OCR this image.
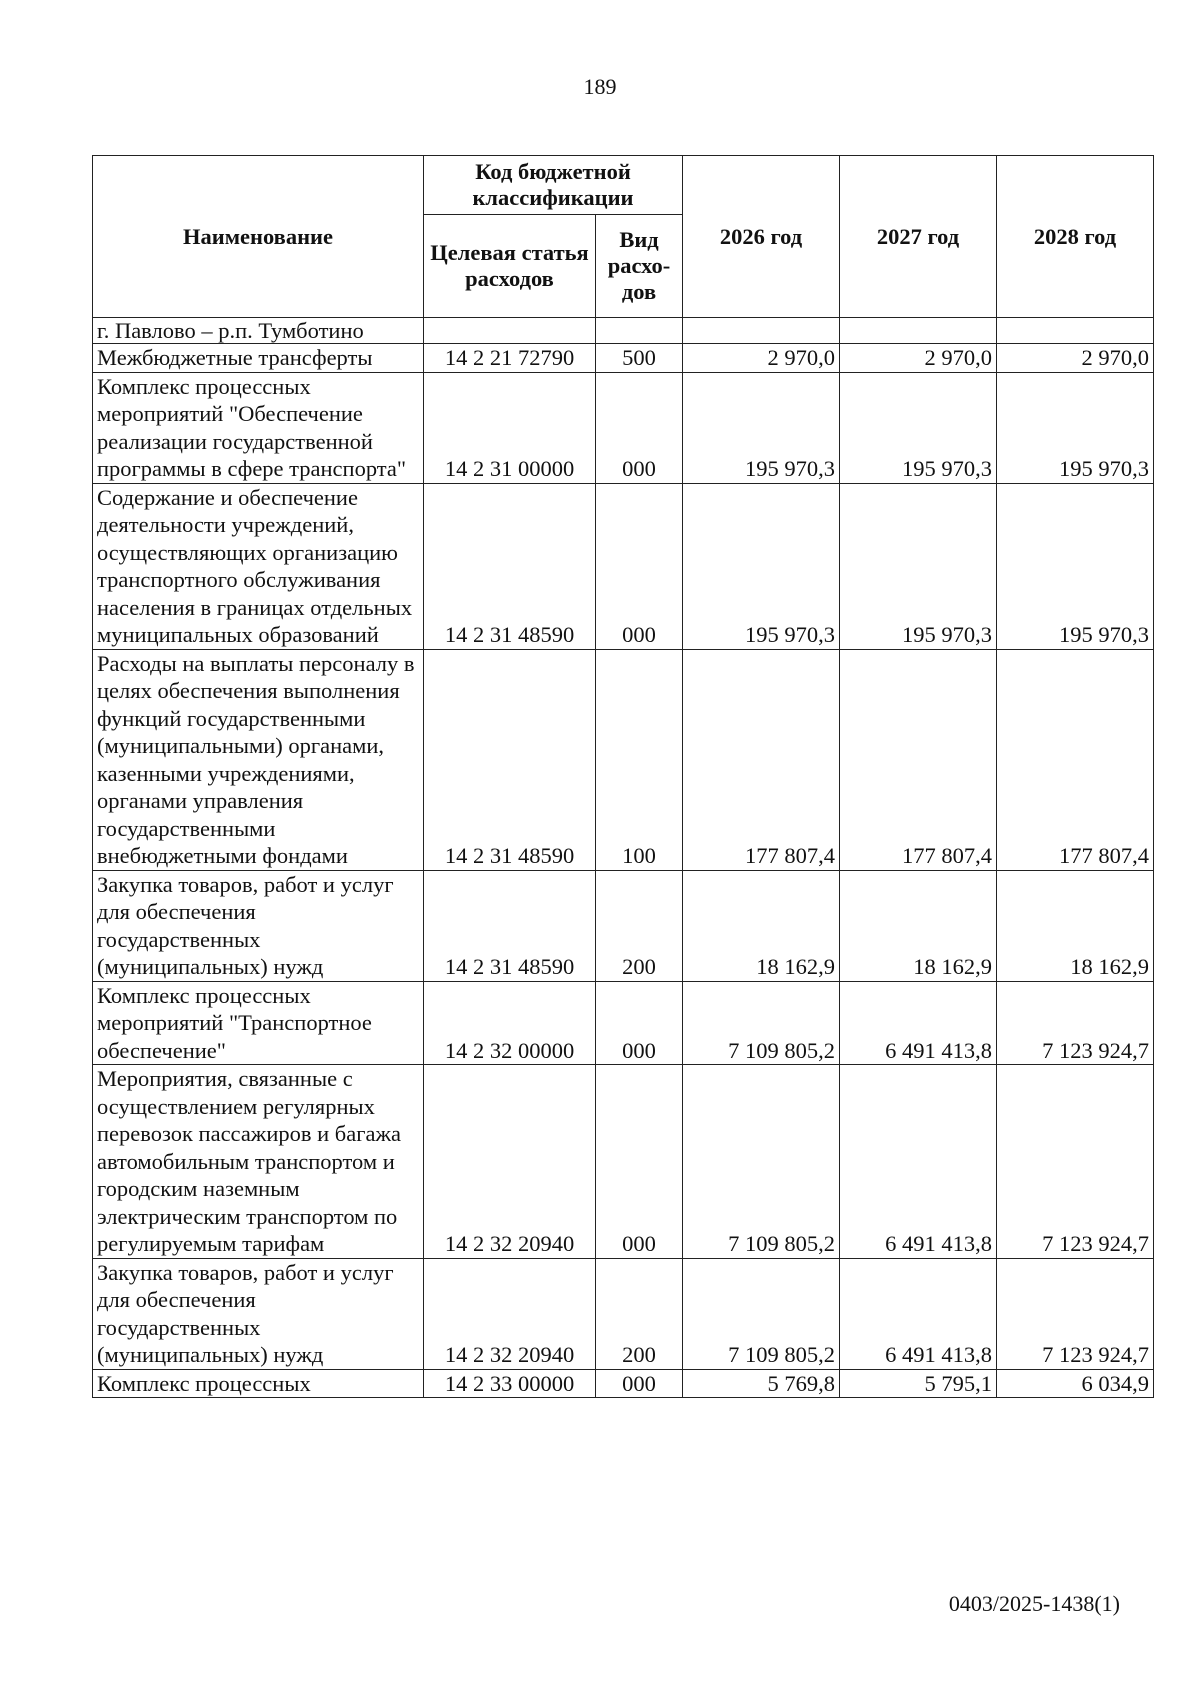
189
Наименование	Код бюджетной классификации		2026 год	2027 год	2028 год
	Целевая статья расходов	Вид расхо-дов			
г. Павлово – р.п. Тумботино					
Межбюджетные трансферты	14 2 21 72790	500	2 970,0	2 970,0	2 970,0
Комплекс процессных мероприятий "Обеспечение реализации государственной программы в сфере транспорта"	14 2 31 00000	000	195 970,3	195 970,3	195 970,3
Содержание и обеспечение деятельности учреждений, осуществляющих организацию транспортного обслуживания населения в границах отдельных муниципальных образований	14 2 31 48590	000	195 970,3	195 970,3	195 970,3
Расходы на выплаты персоналу в целях обеспечения выполнения функций государственными (муниципальными) органами, казенными учреждениями, органами управления государственными внебюджетными фондами	14 2 31 48590	100	177 807,4	177 807,4	177 807,4
Закупка товаров, работ и услуг для обеспечения государственных (муниципальных) нужд	14 2 31 48590	200	18 162,9	18 162,9	18 162,9
Комплекс процессных мероприятий "Транспортное обеспечение"	14 2 32 00000	000	7 109 805,2	6 491 413,8	7 123 924,7
Мероприятия, связанные с осуществлением регулярных перевозок пассажиров и багажа автомобильным транспортом и городским наземным электрическим транспортом по регулируемым тарифам	14 2 32 20940	000	7 109 805,2	6 491 413,8	7 123 924,7
Закупка товаров, работ и услуг для обеспечения государственных (муниципальных) нужд	14 2 32 20940	200	7 109 805,2	6 491 413,8	7 123 924,7
Комплекс процессных	14 2 33 00000	000	5 769,8	5 795,1	6 034,9
0403/2025-1438(1)
